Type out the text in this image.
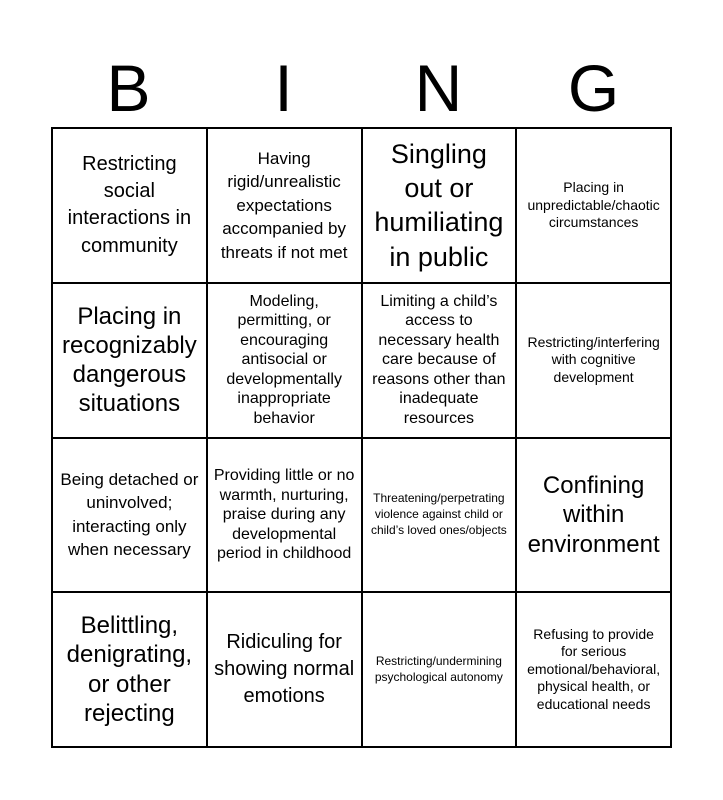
B	I	N	G
Restricting social interactions in community
Having rigid/unrealistic expectations accompanied by threats if not met
Singling out or humiliating in public
Placing in unpredictable/chaotic circumstances
Placing in recognizably dangerous situations
Modeling, permitting, or encouraging antisocial or developmentally inappropriate behavior
Limiting a child’s access to necessary health care because of reasons other than inadequate resources
Restricting/interfering with cognitive development
Being detached or uninvolved; interacting only when necessary
Providing little or no warmth, nurturing, praise during any developmental period in childhood
Threatening/perpetrating violence against child or child’s loved ones/objects
Confining within environment
Belittling, denigrating, or other rejecting
Ridiculing for showing normal emotions
Restricting/undermining psychological autonomy
Refusing to provide for serious emotional/behavioral, physical health, or educational needs
